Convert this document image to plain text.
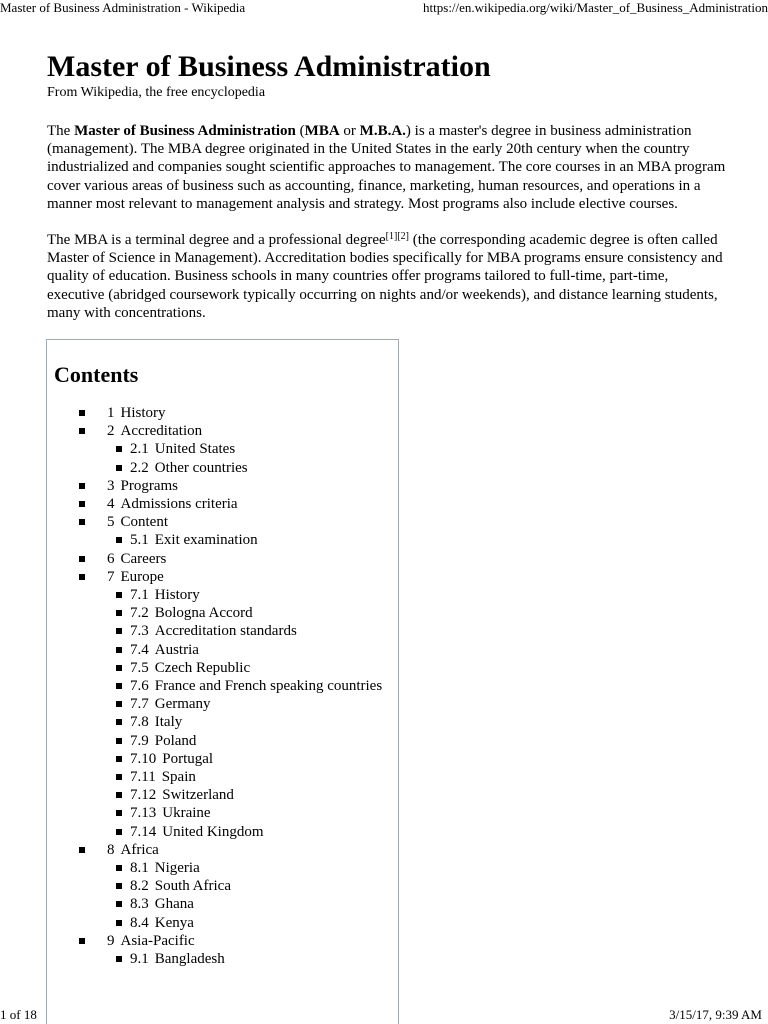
Master of Business Administration - Wikipedia	https://en.wikipedia.org/wiki/Master_of_Business_Administration
Master of Business Administration
From Wikipedia, the free encyclopedia

The Master of Business Administration (MBA or M.B.A.) is a master's degree in business administration (management). The MBA degree originated in the United States in the early 20th century when the country industrialized and companies sought scientific approaches to management. The core courses in an MBA program cover various areas of business such as accounting, finance, marketing, human resources, and operations in a manner most relevant to management analysis and strategy. Most programs also include elective courses.

The MBA is a terminal degree and a professional degree[1][2] (the corresponding academic degree is often called Master of Science in Management). Accreditation bodies specifically for MBA programs ensure consistency and quality of education. Business schools in many countries offer programs tailored to full-time, part-time, executive (abridged coursework typically occurring on nights and/or weekends), and distance learning students, many with concentrations.

Contents
1 History
2 Accreditation
2.1 United States
2.2 Other countries
3 Programs
4 Admissions criteria
5 Content
5.1 Exit examination
6 Careers
7 Europe
7.1 History
7.2 Bologna Accord
7.3 Accreditation standards
7.4 Austria
7.5 Czech Republic
7.6 France and French speaking countries
7.7 Germany
7.8 Italy
7.9 Poland
7.10 Portugal
7.11 Spain
7.12 Switzerland
7.13 Ukraine
7.14 United Kingdom
8 Africa
8.1 Nigeria
8.2 South Africa
8.3 Ghana
8.4 Kenya
9 Asia-Pacific
9.1 Bangladesh
1 of 18	3/15/17, 9:39 AM
